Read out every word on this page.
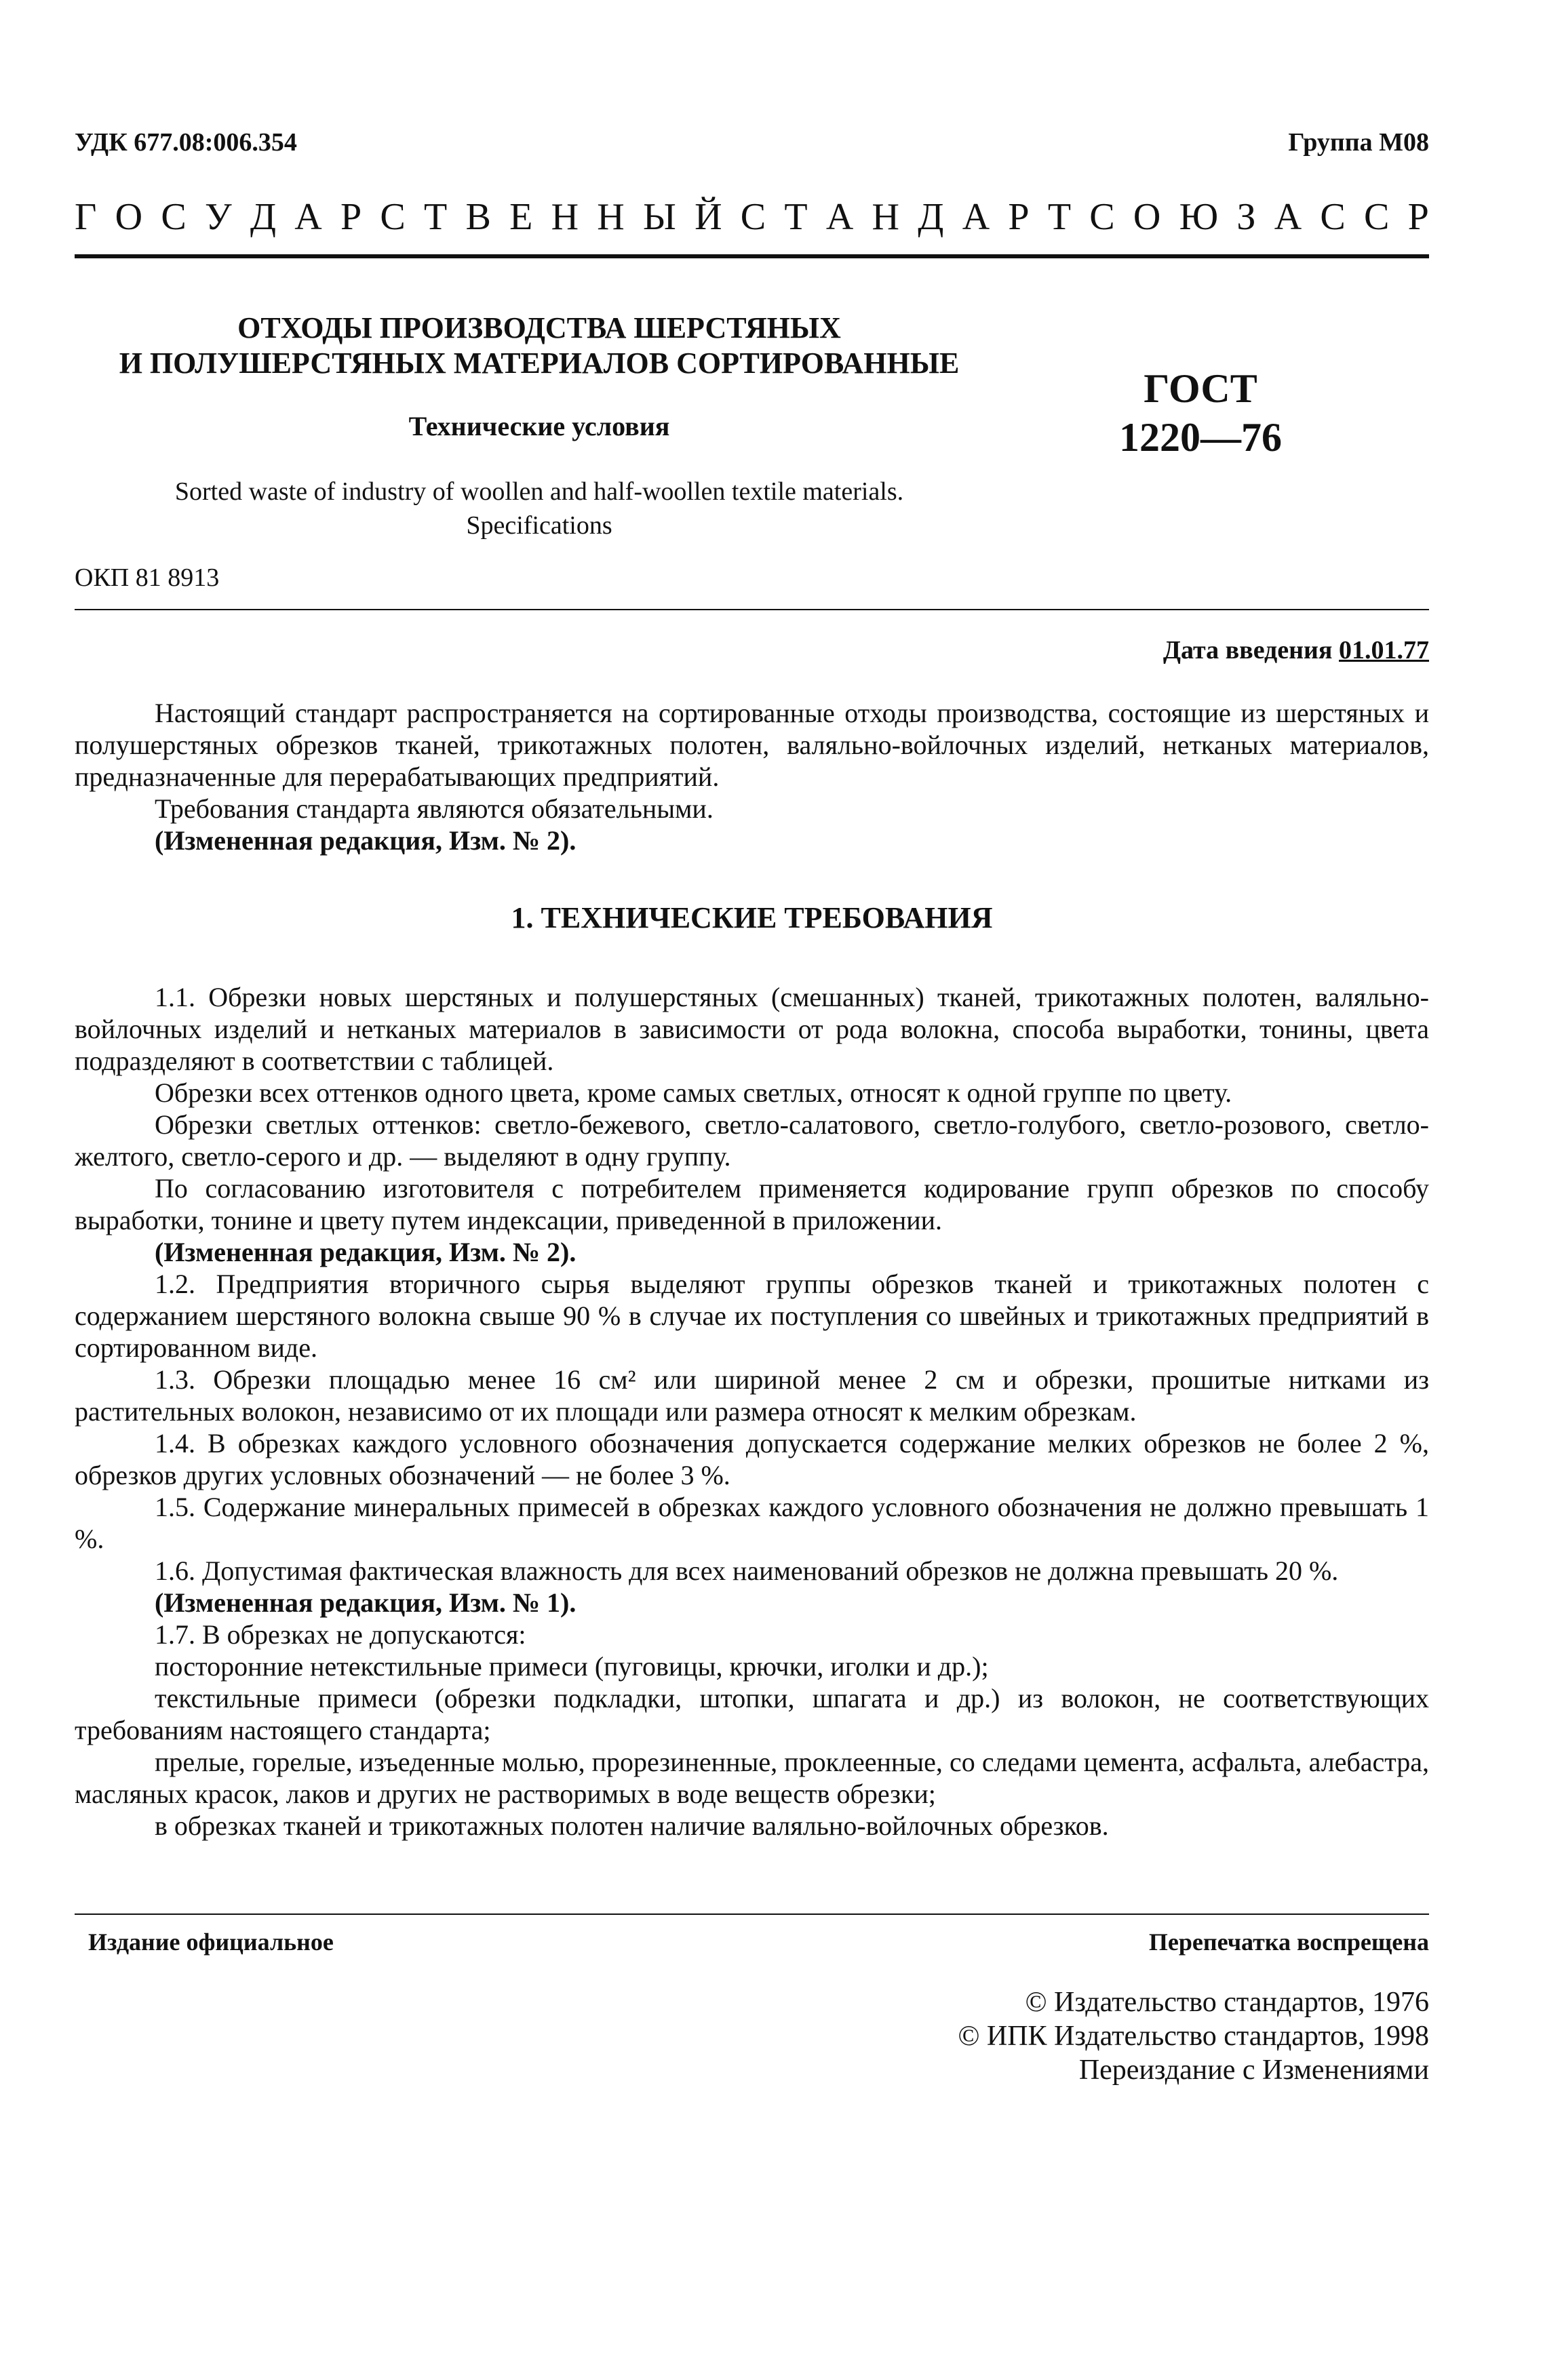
УДК 677.08:006.354	Группа М08
Г О С У Д А Р С Т В Е Н Н Ы Й С Т А Н Д А Р Т С О Ю З А С С Р
ОТХОДЫ ПРОИЗВОДСТВА ШЕРСТЯНЫХ
И ПОЛУШЕРСТЯНЫХ МАТЕРИАЛОВ СОРТИРОВАННЫЕ
Технические условия
ГОСТ
1220—76
Sorted waste of industry of woollen and half-woollen textile materials.
Specifications
ОКП 81 8913
Дата введения 01.01.77

Настоящий стандарт распространяется на сортированные отходы производства, состоящие из шерстяных и полушерстяных обрезков тканей, трикотажных полотен, валяльно-войлочных изделий, нетканых материалов, предназначенные для перерабатывающих предприятий.

Требования стандарта являются обязательными.

(Измененная редакция, Изм. № 2).

1. ТЕХНИЧЕСКИЕ ТРЕБОВАНИЯ

1.1. Обрезки новых шерстяных и полушерстяных (смешанных) тканей, трикотажных полотен, валяльно-войлочных изделий и нетканых материалов в зависимости от рода волокна, способа выработки, тонины, цвета подразделяют в соответствии с таблицей.

Обрезки всех оттенков одного цвета, кроме самых светлых, относят к одной группе по цвету.

Обрезки светлых оттенков: светло-бежевого, светло-салатового, светло-голубого, светло-розового, светло-желтого, светло-серого и др. — выделяют в одну группу.

По согласованию изготовителя с потребителем применяется кодирование групп обрезков по способу выработки, тонине и цвету путем индексации, приведенной в приложении.

(Измененная редакция, Изм. № 2).

1.2. Предприятия вторичного сырья выделяют группы обрезков тканей и трикотажных полотен с содержанием шерстяного волокна свыше 90 % в случае их поступления со швейных и трикотажных предприятий в сортированном виде.

1.3. Обрезки площадью менее 16 см² или шириной менее 2 см и обрезки, прошитые нитками из растительных волокон, независимо от их площади или размера относят к мелким обрезкам.

1.4. В обрезках каждого условного обозначения допускается содержание мелких обрезков не более 2 %, обрезков других условных обозначений — не более 3 %.

1.5. Содержание минеральных примесей в обрезках каждого условного обозначения не должно превышать 1 %.

1.6. Допустимая фактическая влажность для всех наименований обрезков не должна превышать 20 %.

(Измененная редакция, Изм. № 1).

1.7. В обрезках не допускаются:

посторонние нетекстильные примеси (пуговицы, крючки, иголки и др.);

текстильные примеси (обрезки подкладки, штопки, шпагата и др.) из волокон, не соответствующих требованиям настоящего стандарта;

прелые, горелые, изъеденные молью, прорезиненные, проклеенные, со следами цемента, асфальта, алебастра, масляных красок, лаков и других не растворимых в воде веществ обрезки;

в обрезках тканей и трикотажных полотен наличие валяльно-войлочных обрезков.

Издание официальное	Перепечатка воспрещена
© Издательство стандартов, 1976
© ИПК Издательство стандартов, 1998
Переиздание с Изменениями
